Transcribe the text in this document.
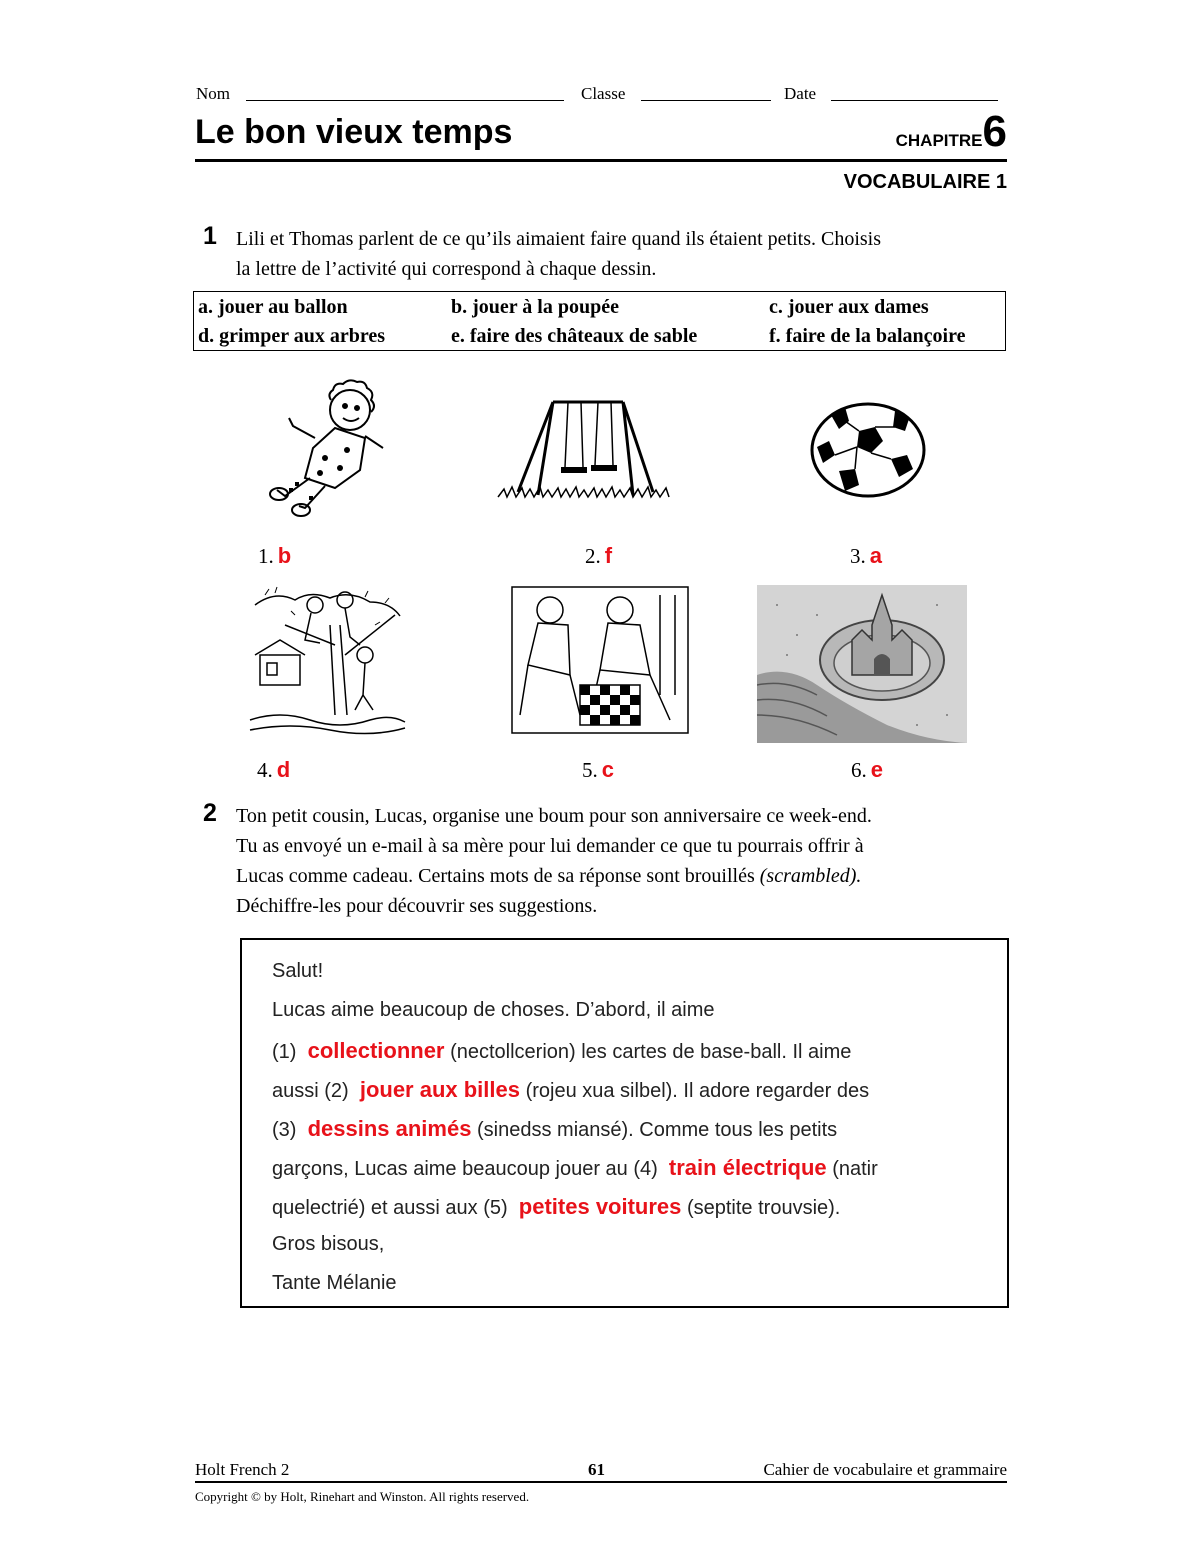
Nom	Classe	Date
Le bon vieux temps	CHAPITRE6
VOCABULAIRE 1
1 Lili et Thomas parlent de ce qu’ils aimaient faire quand ils étaient petits. Choisis
la lettre de l’activité qui correspond à chaque dessin.
a. jouer au ballon	b. jouer à la poupée	c. jouer aux dames
d. grimper aux arbres	e. faire des châteaux de sable	f. faire de la balançoire
1. b	2. f	3. a
4. d	5. c	6. e
2 Ton petit cousin, Lucas, organise une boum pour son anniversaire ce week-end.
Tu as envoyé un e-mail à sa mère pour lui demander ce que tu pourrais offrir à
Lucas comme cadeau. Certains mots de sa réponse sont brouillés (scrambled).
Déchiffre-les pour découvrir ses suggestions.
Salut!
Lucas aime beaucoup de choses. D’abord, il aime
(1) collectionner (nectollcerion) les cartes de base-ball. Il aime
aussi (2) jouer aux billes (rojeu xua silbel). Il adore regarder des
(3) dessins animés (sinedss miansé). Comme tous les petits
garçons, Lucas aime beaucoup jouer au (4) train électrique (natir
quelectrié) et aussi aux (5) petites voitures (septite trouvsie).
Gros bisous,
Tante Mélanie
Holt French 2	61	Cahier de vocabulaire et grammaire
Copyright © by Holt, Rinehart and Winston. All rights reserved.
